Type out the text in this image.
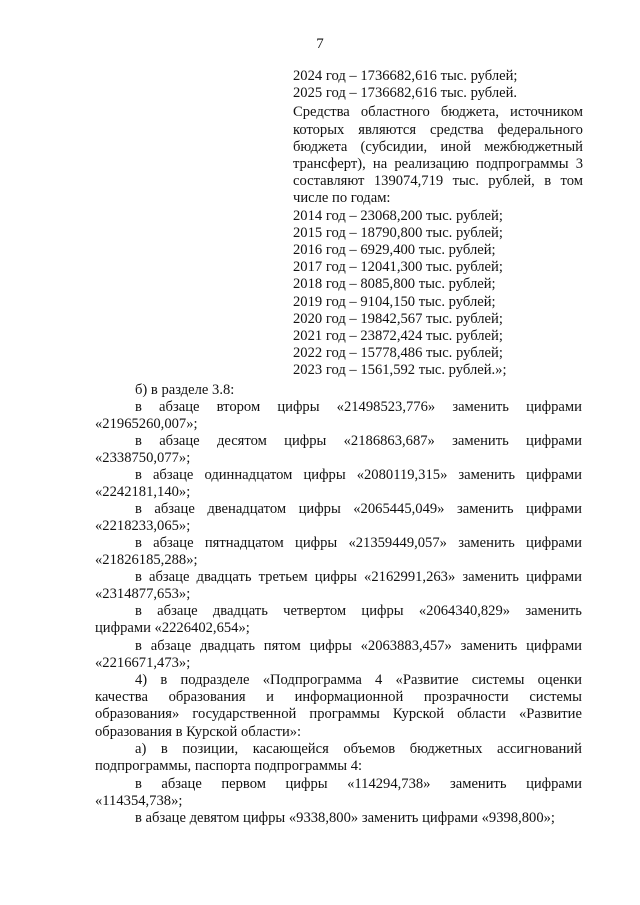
7
2024 год – 1736682,616 тыс. рублей;
2025 год – 1736682,616 тыс. рублей.
Средства областного бюджета, источником
которых являются средства федерального
бюджета (субсидии, иной межбюджетный
трансферт), на реализацию подпрограммы 3
составляют 139074,719 тыс. рублей, в том
числе по годам:
2014 год – 23068,200 тыс. рублей;
2015 год – 18790,800 тыс. рублей;
2016 год – 6929,400 тыс. рублей;
2017 год – 12041,300 тыс. рублей;
2018 год – 8085,800 тыс. рублей;
2019 год – 9104,150 тыс. рублей;
2020 год – 19842,567 тыс. рублей;
2021 год – 23872,424 тыс. рублей;
2022 год – 15778,486 тыс. рублей;
2023 год – 1561,592 тыс. рублей.»;
б) в разделе 3.8:
в абзаце втором цифры «21498523,776» заменить цифрами
«21965260,007»;
в абзаце десятом цифры «2186863,687» заменить цифрами
«2338750,077»;
в абзаце одиннадцатом цифры «2080119,315» заменить цифрами
«2242181,140»;
в абзаце двенадцатом цифры «2065445,049» заменить цифрами
«2218233,065»;
в абзаце пятнадцатом цифры «21359449,057» заменить цифрами
«21826185,288»;
в абзаце двадцать третьем цифры «2162991,263» заменить цифрами
«2314877,653»;
в абзаце двадцать четвертом цифры «2064340,829» заменить
цифрами «2226402,654»;
в абзаце двадцать пятом цифры «2063883,457» заменить цифрами
«2216671,473»;
4) в подразделе «Подпрограмма 4 «Развитие системы оценки
качества образования и информационной прозрачности системы
образования» государственной программы Курской области «Развитие
образования в Курской области»:
а) в позиции, касающейся объемов бюджетных ассигнований
подпрограммы, паспорта подпрограммы 4:
в абзаце первом цифры «114294,738» заменить цифрами
«114354,738»;
в абзаце девятом цифры «9338,800» заменить цифрами «9398,800»;
